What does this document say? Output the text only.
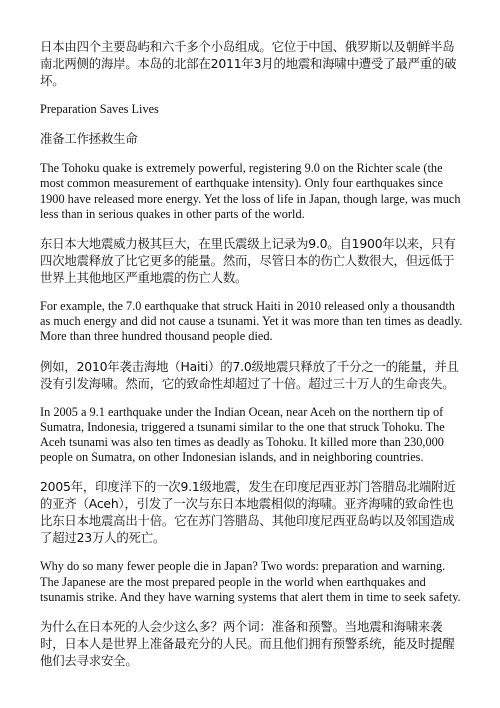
日本由四个主要岛屿和六千多个小岛组成。它位于中国、俄罗斯以及朝鲜半岛南北两侧的海岸。本岛的北部在2011年3月的地震和海啸中遭受了最严重的破坏。

Preparation Saves Lives

准备工作拯救生命

The Tohoku quake is extremely powerful, registering 9.0 on the Richter scale (the most common measurement of earthquake intensity). Only four earthquakes since 1900 have released more energy. Yet the loss of life in Japan, though large, was much less than in serious quakes in other parts of the world.

东日本大地震威力极其巨大，在里氏震级上记录为9.0。自1900年以来，只有四次地震释放了比它更多的能量。然而，尽管日本的伤亡人数很大，但远低于世界上其他地区严重地震的伤亡人数。

For example, the 7.0 earthquake that struck Haiti in 2010 released only a thousandth as much energy and did not cause a tsunami. Yet it was more than ten times as deadly. More than three hundred thousand people died.

例如，2010年袭击海地（Haiti）的7.0级地震只释放了千分之一的能量，并且没有引发海啸。然而，它的致命性却超过了十倍。超过三十万人的生命丧失。

In 2005 a 9.1 earthquake under the Indian Ocean, near Aceh on the northern tip of Sumatra, Indonesia, triggered a tsunami similar to the one that struck Tohoku. The Aceh tsunami was also ten times as deadly as Tohoku. It killed more than 230,000 people on Sumatra, on other Indonesian islands, and in neighboring countries.

2005年，印度洋下的一次9.1级地震，发生在印度尼西亚苏门答腊岛北端附近的亚齐（Aceh），引发了一次与东日本地震相似的海啸。亚齐海啸的致命性也比东日本地震高出十倍。它在苏门答腊岛、其他印度尼西亚岛屿以及邻国造成了超过23万人的死亡。

Why do so many fewer people die in Japan? Two words: preparation and warning. The Japanese are the most prepared people in the world when earthquakes and tsunamis strike. And they have warning systems that alert them in time to seek safety.

为什么在日本死的人会少这么多？两个词：准备和预警。当地震和海啸来袭时，日本人是世界上准备最充分的人民。而且他们拥有预警系统，能及时提醒他们去寻求安全。
